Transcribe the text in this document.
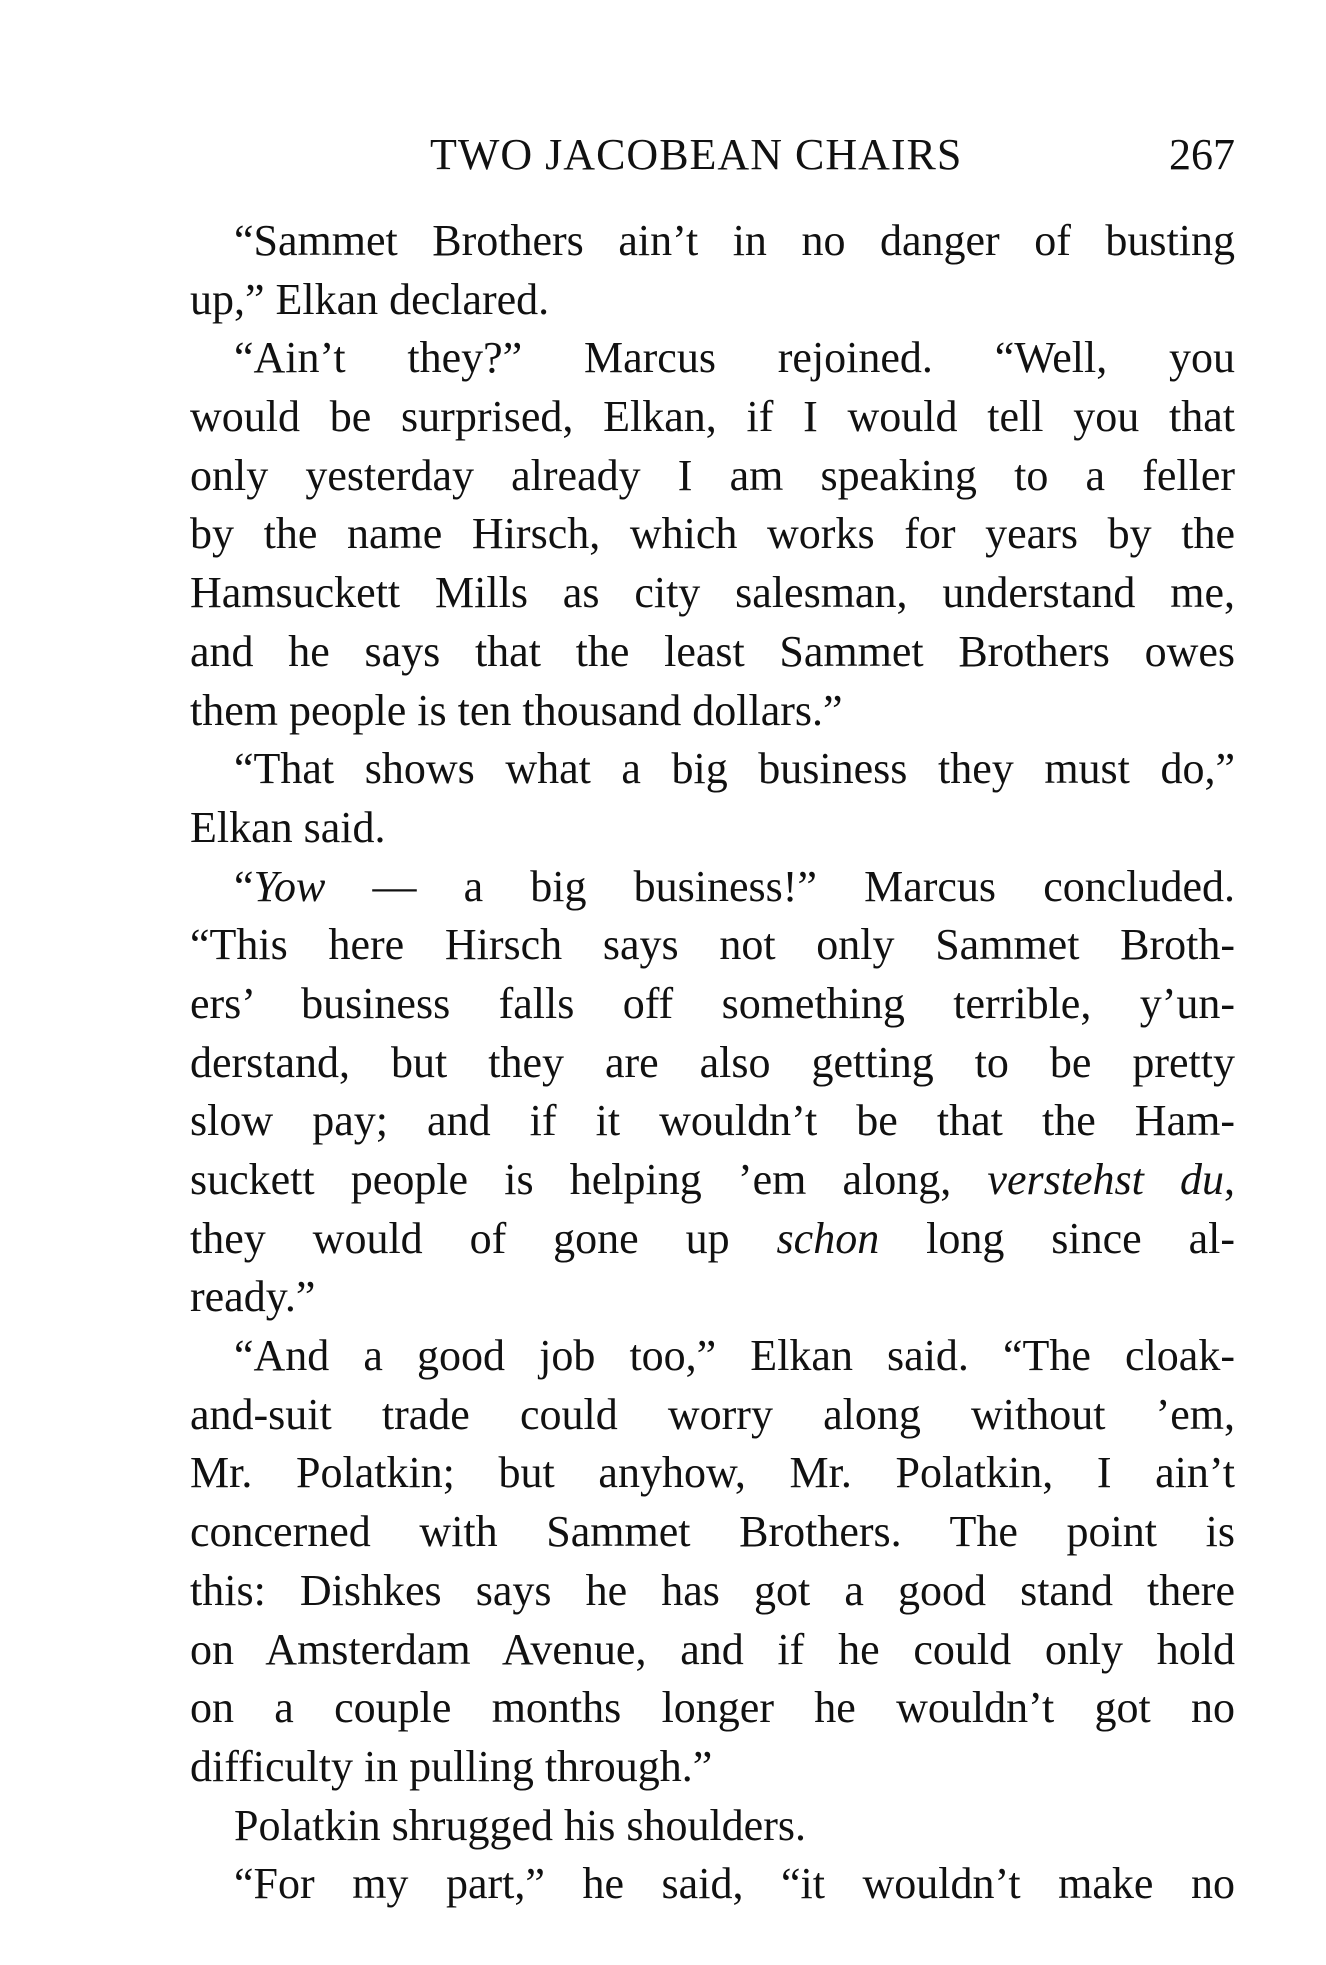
TWO JACOBEAN CHAIRS	267
“Sammet Brothers ain’t in no danger of busting
up,” Elkan declared.
“Ain’t they?” Marcus rejoined. “Well, you
would be surprised, Elkan, if I would tell you that
only yesterday already I am speaking to a feller
by the name Hirsch, which works for years by the
Hamsuckett Mills as city salesman, understand me,
and he says that the least Sammet Brothers owes
them people is ten thousand dollars.”
“That shows what a big business they must do,”
Elkan said.
“Yow — a big business!” Marcus concluded.
“This here Hirsch says not only Sammet Broth-
ers’ business falls off something terrible, y’un-
derstand, but they are also getting to be pretty
slow pay; and if it wouldn’t be that the Ham-
suckett people is helping ’em along, verstehst du,
they would of gone up schon long since al-
ready.”
“And a good job too,” Elkan said. “The cloak-
and-suit trade could worry along without ’em,
Mr. Polatkin; but anyhow, Mr. Polatkin, I ain’t
concerned with Sammet Brothers. The point is
this: Dishkes says he has got a good stand there
on Amsterdam Avenue, and if he could only hold
on a couple months longer he wouldn’t got no
difficulty in pulling through.”
Polatkin shrugged his shoulders.
“For my part,” he said, “it wouldn’t make no
